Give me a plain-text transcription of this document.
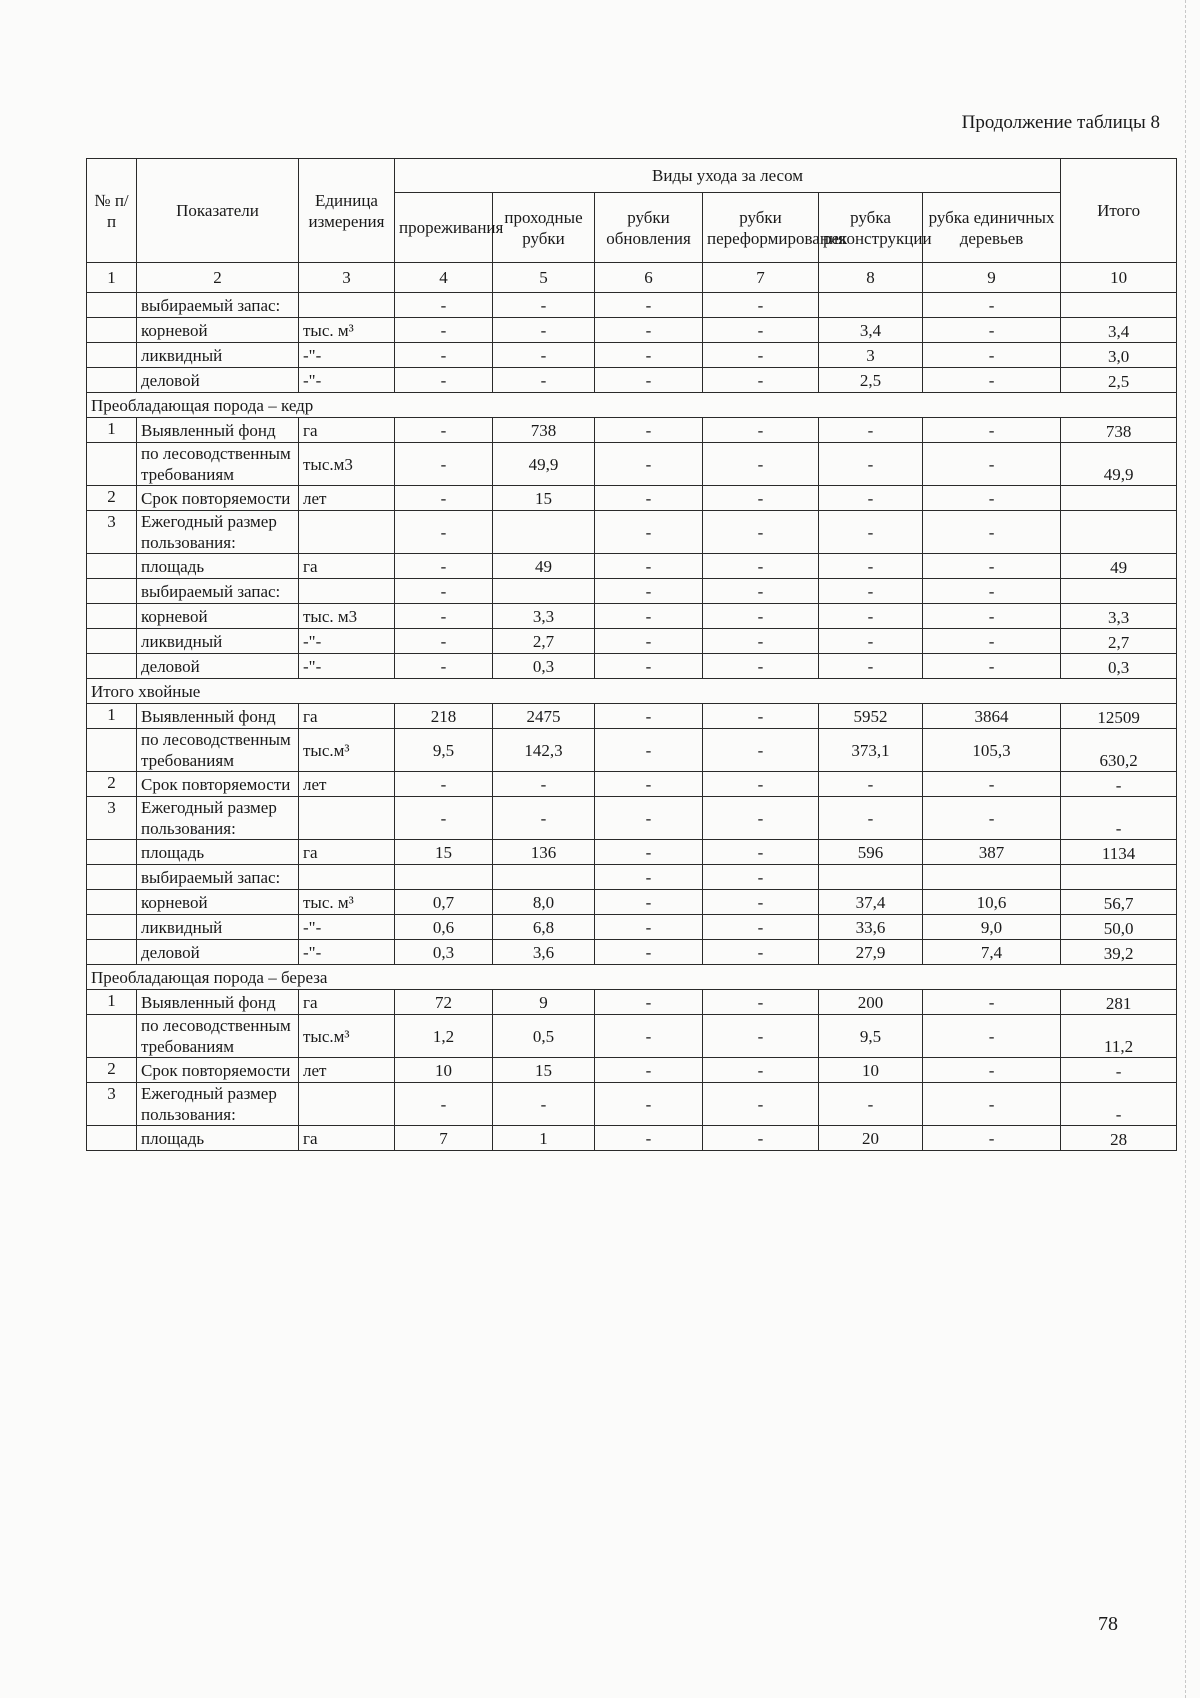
Продолжение таблицы 8
№ п/п	Показатели	Единица измерения	Виды ухода за лесом						Итого
			прореживания	проходные рубки	рубки обновления	рубки переформирования	рубка реконструкции	рубка единичных деревьев	
1	2	3	4	5	6	7	8	9	10
	выбираемый запас:		-	-	-	-		-	
	корневой	тыс. м³	-	-	-	-	3,4	-	3,4
	ликвидный	-"-	-	-	-	-	3	-	3,0
	деловой	-"-	-	-	-	-	2,5	-	2,5
Преобладающая порода – кедр									
1	Выявленный фонд	га	-	738	-	-	-	-	738
	по лесоводственным требованиям	тыс.м3	-	49,9	-	-	-	-	49,9
2	Срок повторяемости	лет	-	15	-	-	-	-	
3	Ежегодный размер пользования:		-		-	-	-	-	
	площадь	га	-	49	-	-	-	-	49
	выбираемый запас:		-		-	-	-	-	
	корневой	тыс. м3	-	3,3	-	-	-	-	3,3
	ликвидный	-"-	-	2,7	-	-	-	-	2,7
	деловой	-"-	-	0,3	-	-	-	-	0,3
Итого хвойные									
1	Выявленный фонд	га	218	2475	-	-	5952	3864	12509
	по лесоводственным требованиям	тыс.м³	9,5	142,3	-	-	373,1	105,3	630,2
2	Срок повторяемости	лет	-	-	-	-	-	-	-
3	Ежегодный размер пользования:		-	-	-	-	-	-	-
	площадь	га	15	136	-	-	596	387	1134
	выбираемый запас:				-	-			
	корневой	тыс. м³	0,7	8,0	-	-	37,4	10,6	56,7
	ликвидный	-"-	0,6	6,8	-	-	33,6	9,0	50,0
	деловой	-"-	0,3	3,6	-	-	27,9	7,4	39,2
Преобладающая порода – береза									
1	Выявленный фонд	га	72	9	-	-	200	-	281
	по лесоводственным требованиям	тыс.м³	1,2	0,5	-	-	9,5	-	11,2
2	Срок повторяемости	лет	10	15	-	-	10	-	-
3	Ежегодный размер пользования:		-	-	-	-	-	-	-
	площадь	га	7	1	-	-	20	-	28
78
